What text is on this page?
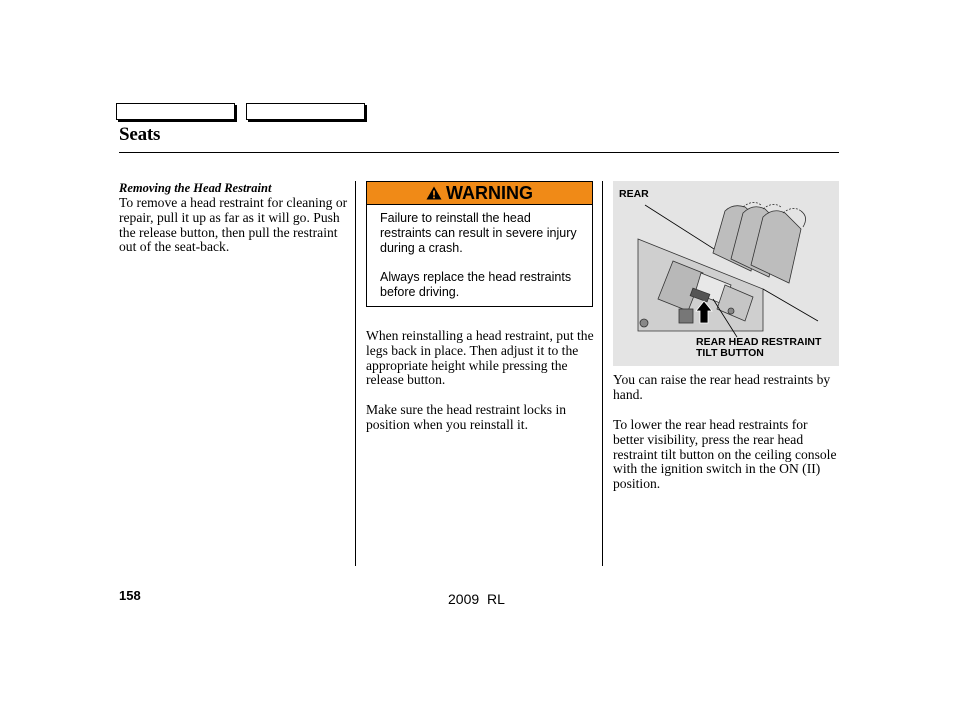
Seats
Removing the Head Restraint

To remove a head restraint for cleaning or repair, pull it up as far as it will go. Push the release button, then pull the restraint out of the seat-back.

WARNING

Failure to reinstall the head restraints can result in severe injury during a crash.

Always replace the head restraints before driving.

When reinstalling a head restraint, put the legs back in place. Then adjust it to the appropriate height while pressing the release button.

Make sure the head restraint locks in position when you reinstall it.

REAR
REAR HEAD RESTRAINT TILT BUTTON

You can raise the rear head restraints by hand.

To lower the rear head restraints for better visibility, press the rear head restraint tilt button on the ceiling console with the ignition switch in the ON (II) position.

158	2009 RL
